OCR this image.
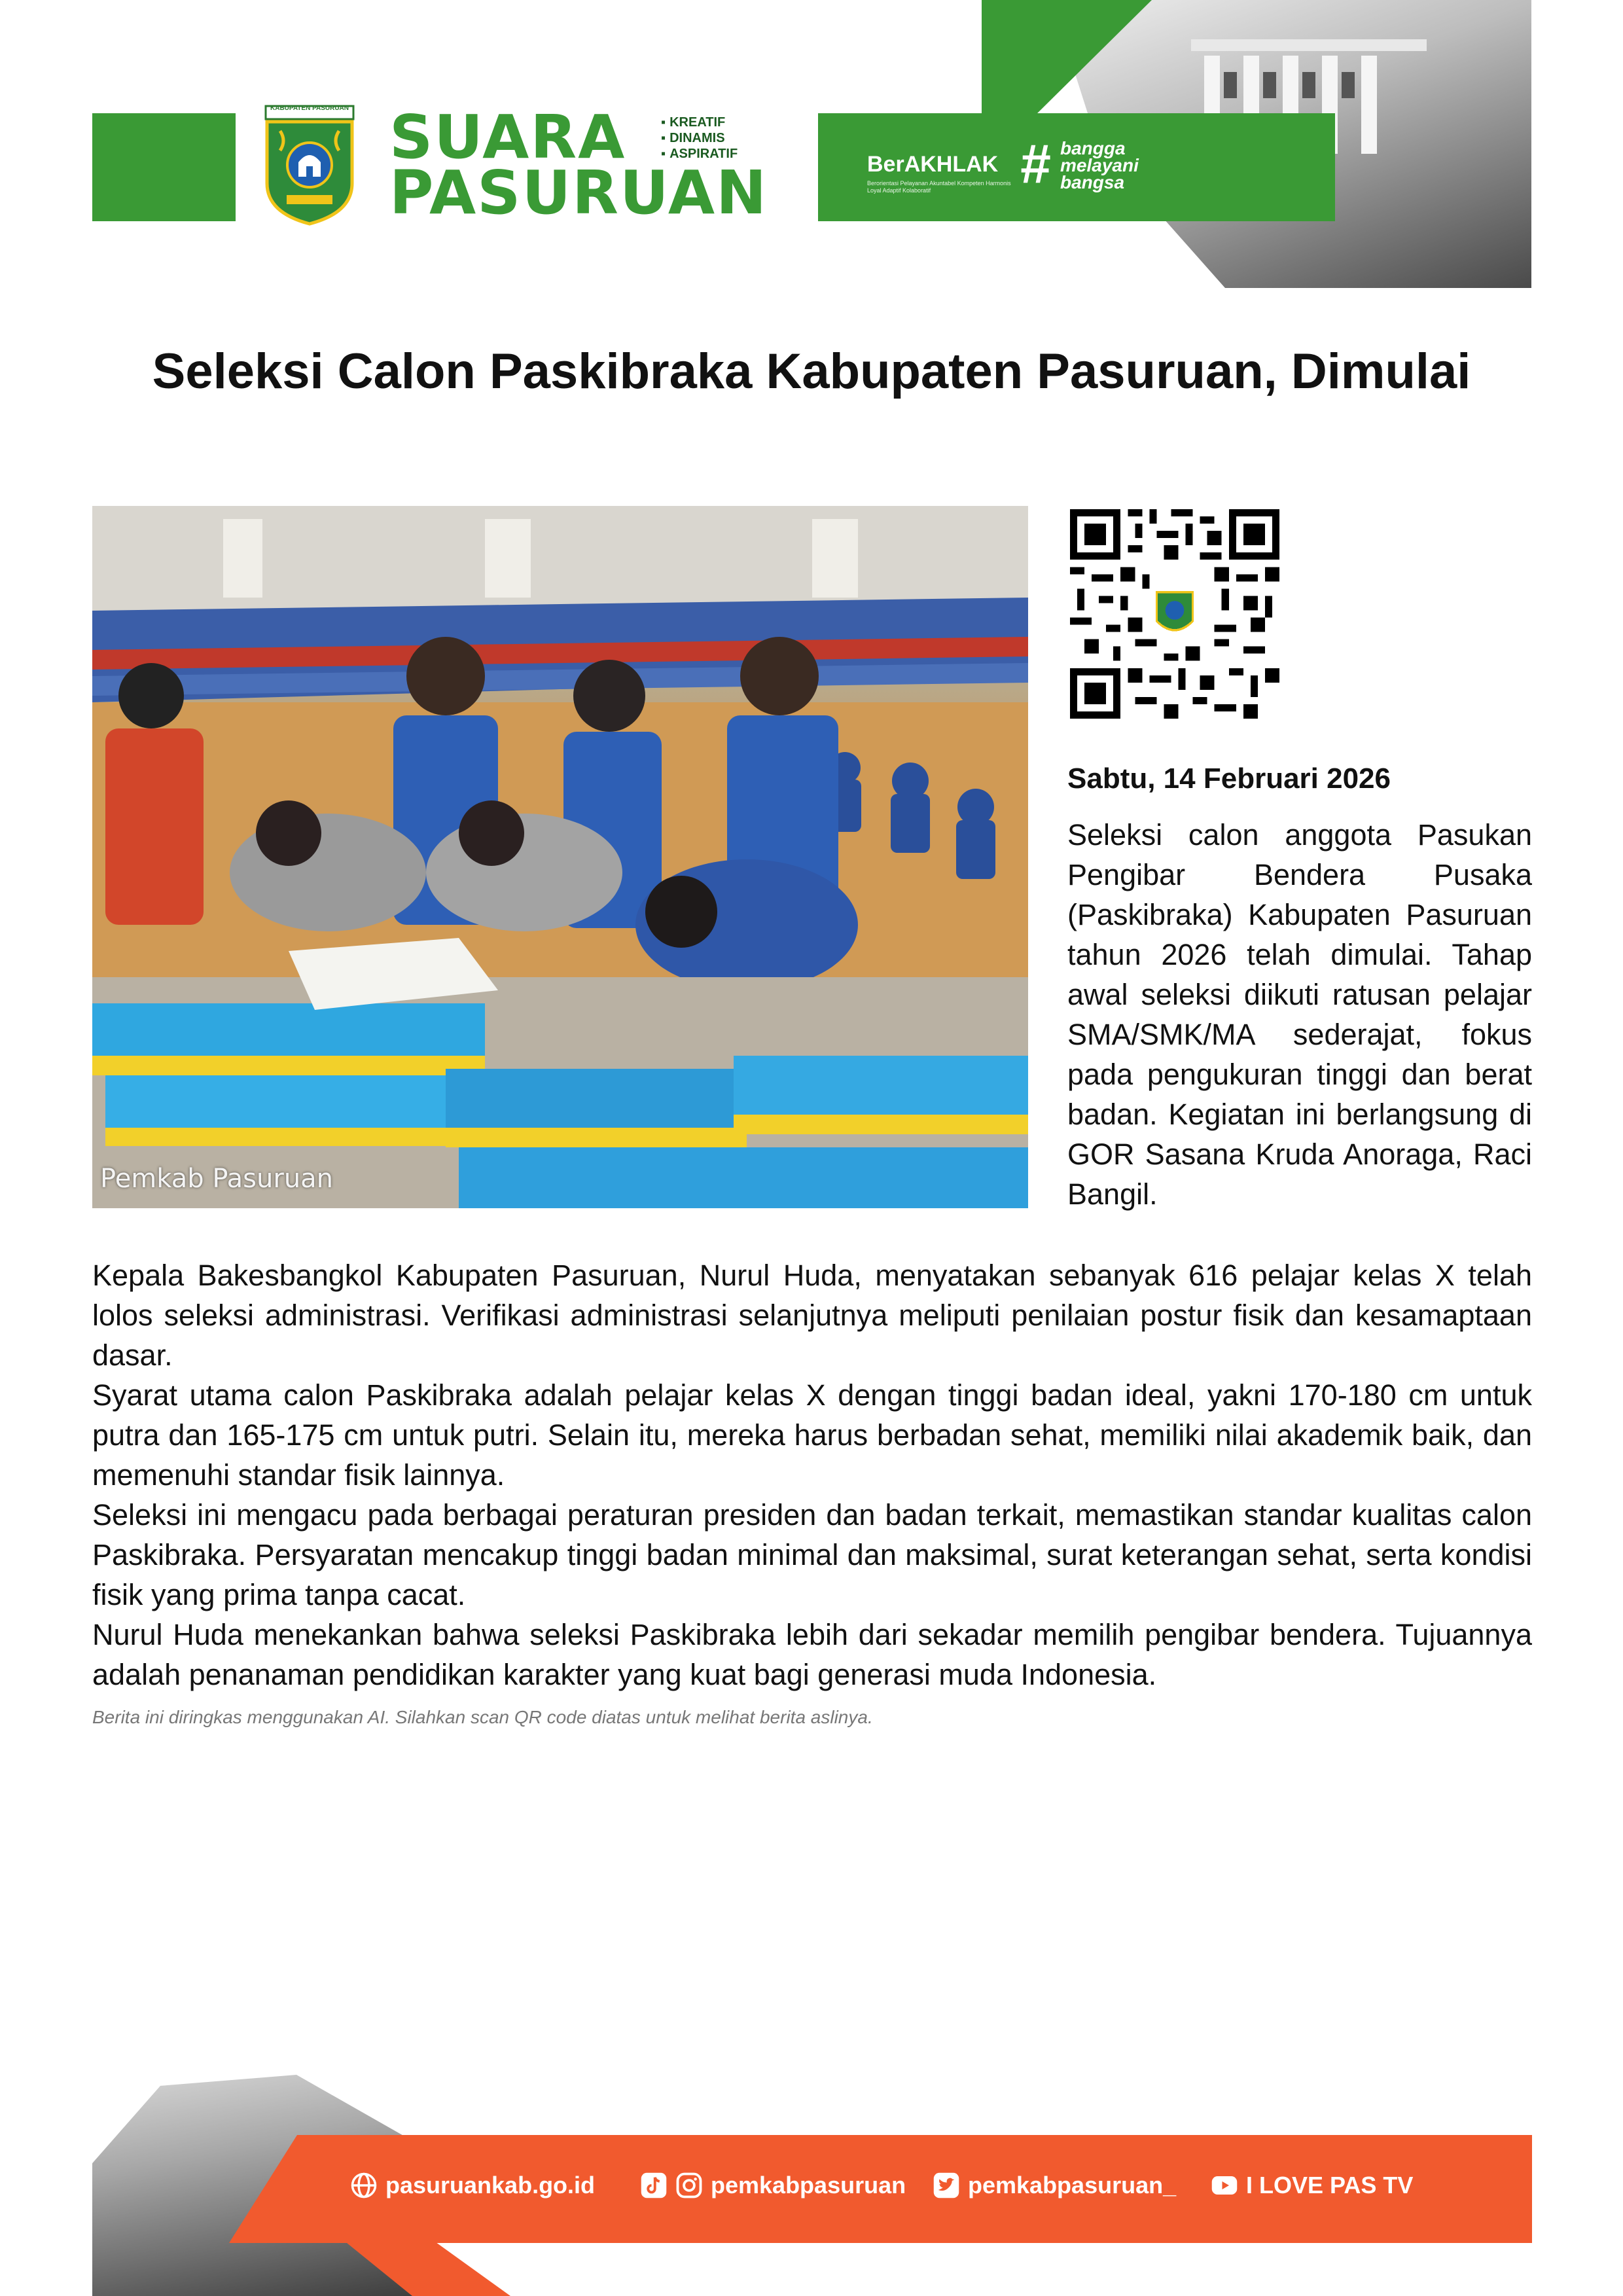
KABUPATEN PASURUAN SUARA
PASURUAN
▪ KREATIF
▪ DINAMIS
▪ ASPIRATIF	BerAKHLAK
Berorientasi Pelayanan Akuntabel Kompeten Harmonis Loyal Adaptif Kolaboratif	# bangga
melayani
bangsa
Seleksi Calon Paskibraka Kabupaten Pasuruan, Dimulai
Pemkab Pasuruan
Sabtu, 14 Februari 2026
Seleksi calon anggota Pasukan Pengibar Bendera Pusaka (Paskibraka) Kabupaten Pasuruan tahun 2026 telah dimulai. Tahap awal seleksi diikuti ratusan pelajar SMA/SMK/MA sederajat, fokus pada pengukuran tinggi dan berat badan. Kegiatan ini berlangsung di GOR Sasana Kruda Anoraga, Raci Bangil.

Kepala Bakesbangkol Kabupaten Pasuruan, Nurul Huda, menyatakan sebanyak 616 pelajar kelas X telah lolos seleksi administrasi. Verifikasi administrasi selanjutnya meliputi penilaian postur fisik dan kesamaptaan dasar.

Syarat utama calon Paskibraka adalah pelajar kelas X dengan tinggi badan ideal, yakni 170-180 cm untuk putra dan 165-175 cm untuk putri. Selain itu, mereka harus berbadan sehat, memiliki nilai akademik baik, dan memenuhi standar fisik lainnya.

Seleksi ini mengacu pada berbagai peraturan presiden dan badan terkait, memastikan standar kualitas calon Paskibraka. Persyaratan mencakup tinggi badan minimal dan maksimal, surat keterangan sehat, serta kondisi fisik yang prima tanpa cacat.

Nurul Huda menekankan bahwa seleksi Paskibraka lebih dari sekadar memilih pengibar bendera. Tujuannya adalah penanaman pendidikan karakter yang kuat bagi generasi muda Indonesia.

Berita ini diringkas menggunakan AI. Silahkan scan QR code diatas untuk melihat berita aslinya.
pasuruankab.go.id	pemkabpasuruan	pemkabpasuruan_	I LOVE PAS TV
